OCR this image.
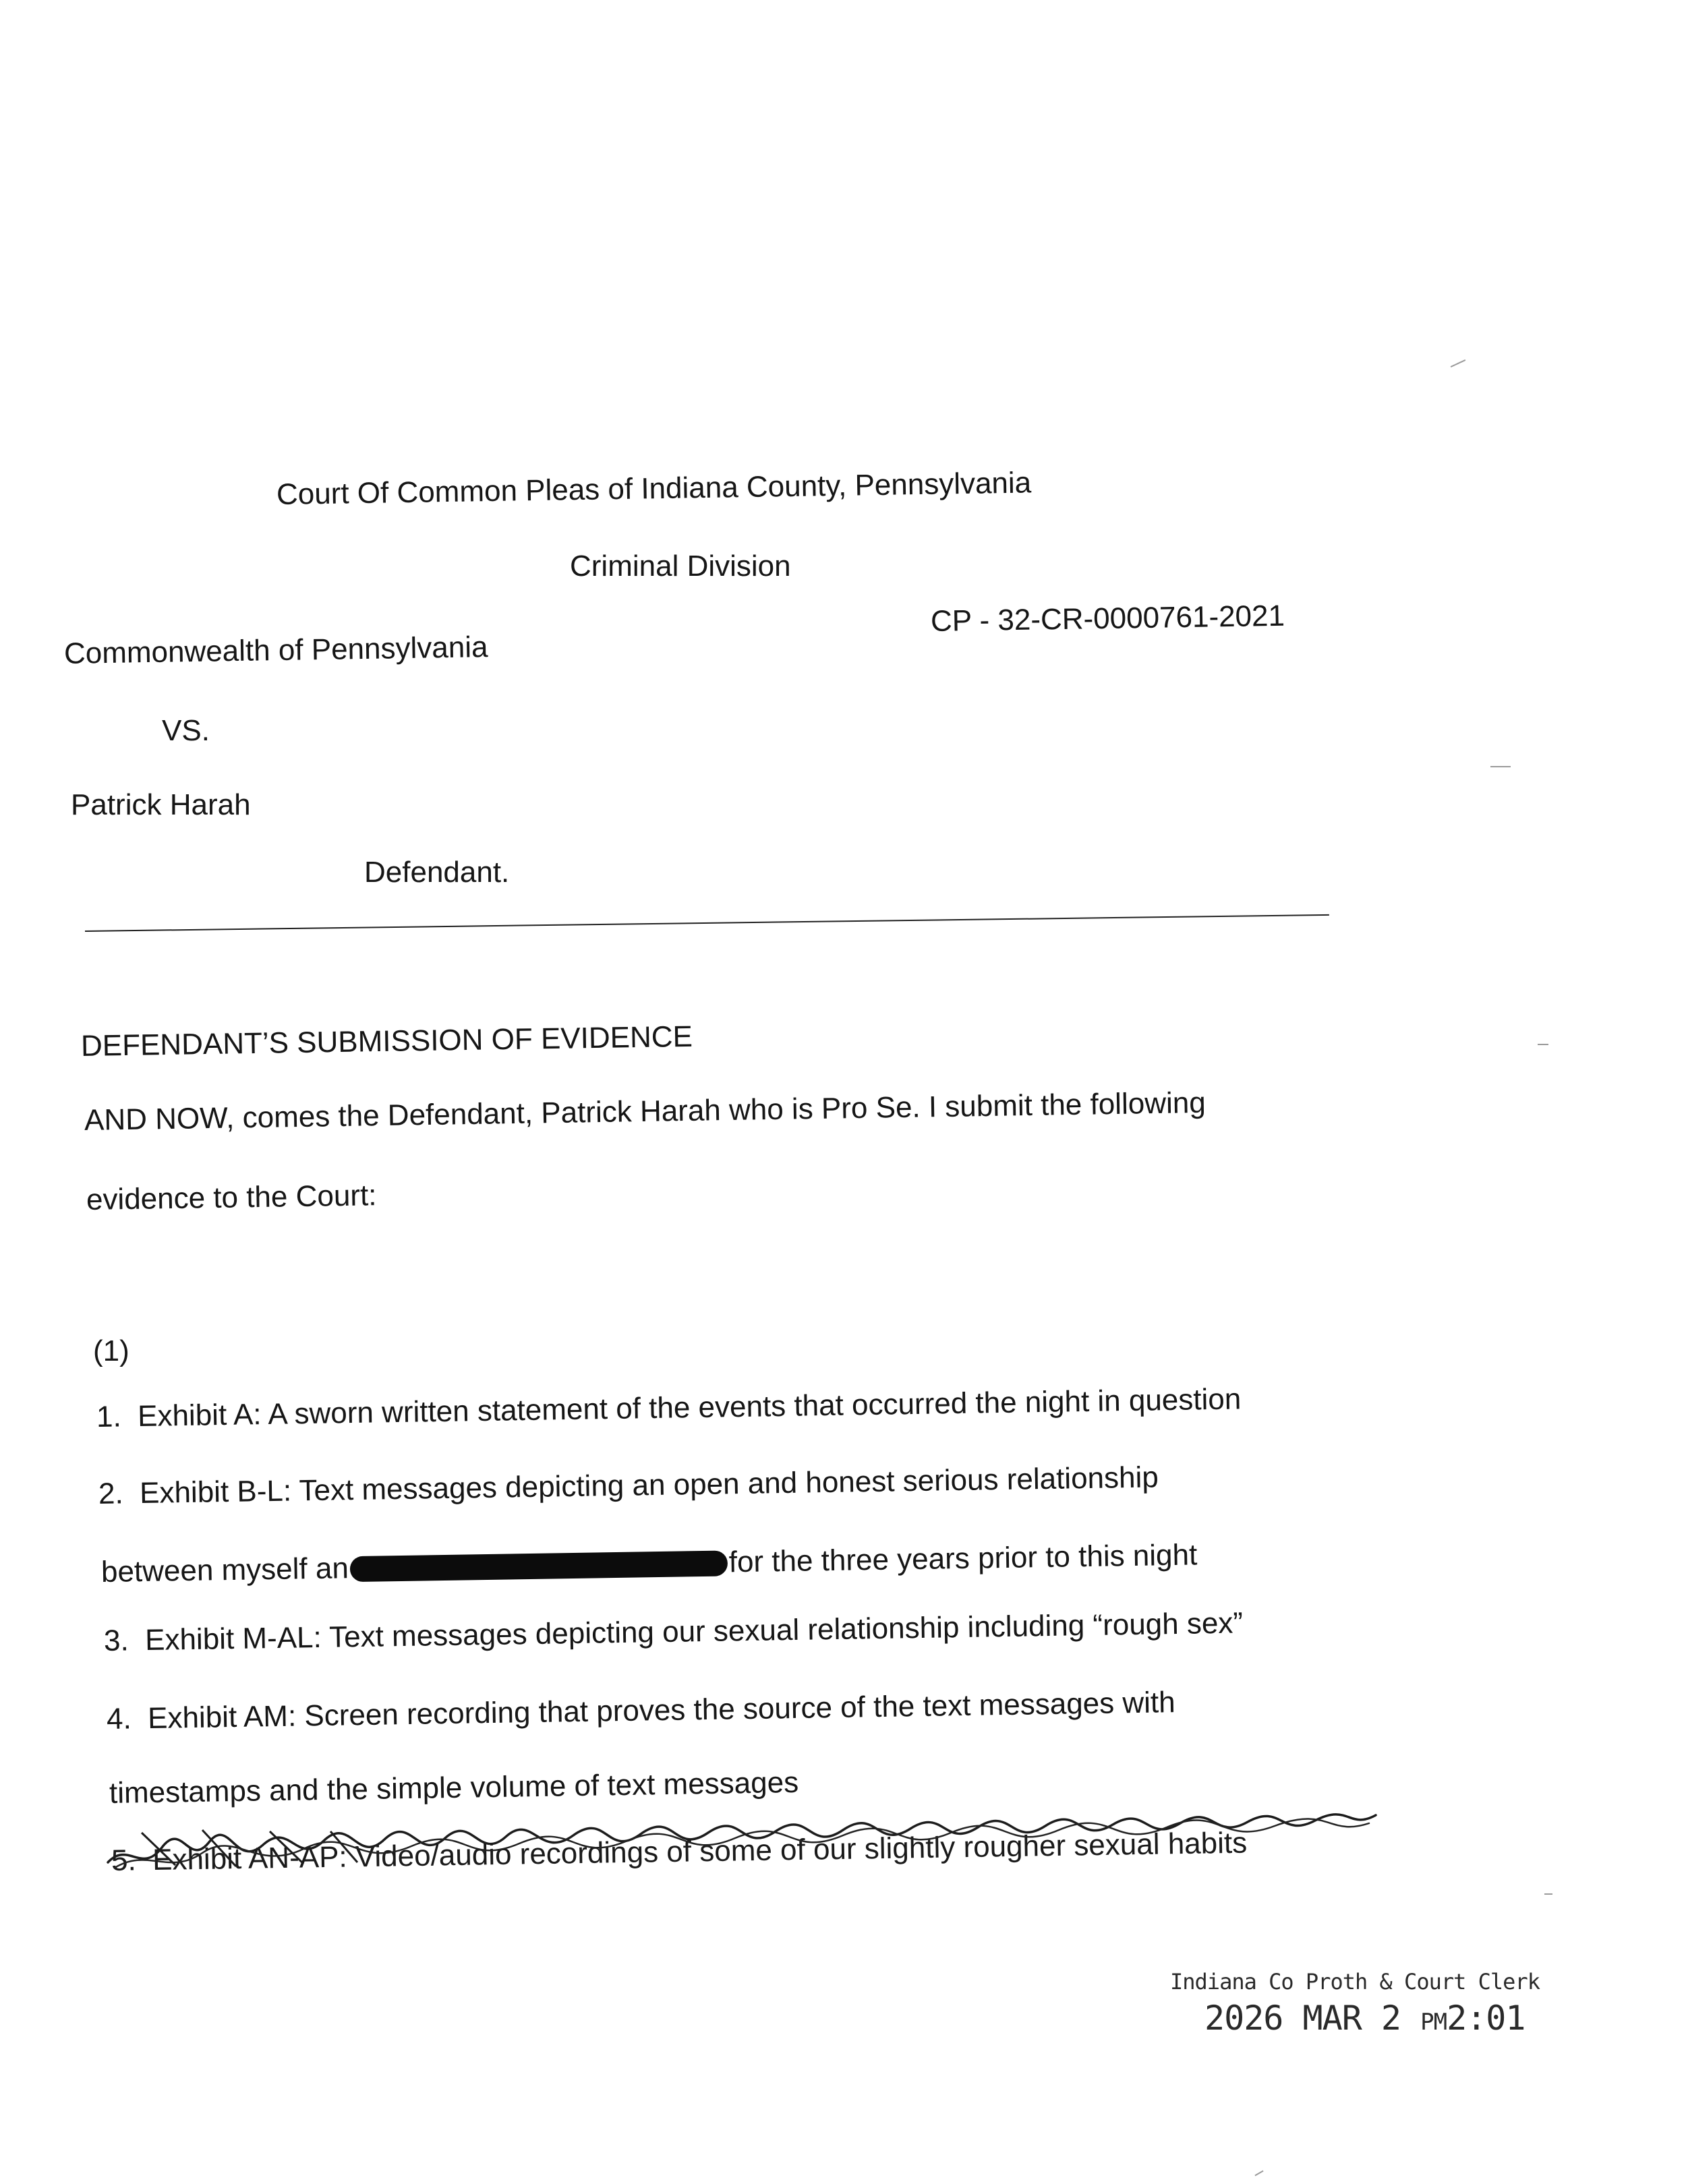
Court Of Common Pleas of Indiana County, Pennsylvania
Criminal Division
Commonwealth of Pennsylvania
CP - 32-CR-0000761-2021
VS.
Patrick Harah
Defendant.
DEFENDANT’S SUBMISSION OF EVIDENCE
AND NOW, comes the Defendant, Patrick Harah who is Pro Se. I submit the following
evidence to the Court:
(1)
1. Exhibit A: A sworn written statement of the events that occurred the night in question
2. Exhibit B-L: Text messages depicting an open and honest serious relationship
between myself an	for the three years prior to this night
3. Exhibit M-AL: Text messages depicting our sexual relationship including “rough sex”
4. Exhibit AM: Screen recording that proves the source of the text messages with
timestamps and the simple volume of text messages
5. Exhibit AN-AP: Video/audio recordings of some of our slightly rougher sexual habits
Indiana Co Proth & Court Clerk
2026 MAR 2 PM2:01
